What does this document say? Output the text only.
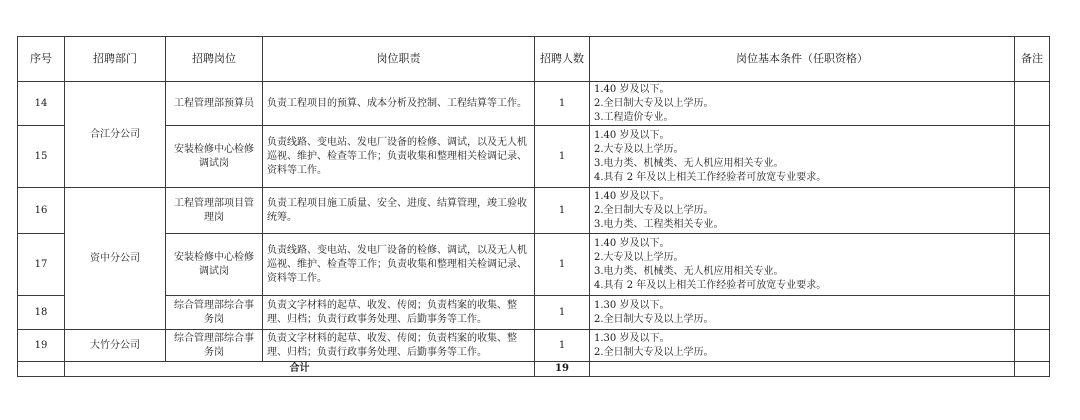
序号	招聘部门	招聘岗位	岗位职责	招聘人数	岗位基本条件（任职资格）	备注
14	合江分公司	工程管理部预算员	负责工程项目的预算、成本分析及控制、工程结算等工作。	1	1.40 岁及以下。
2.全日制大专及以上学历。
3.工程造价专业。	

15		安装检修中心检修调试岗	负责线路、变电站、发电厂设备的检修、调试，以及无人机巡视、维护、检查等工作；负责收集和整理相关检调记录、资料等工作。	1	1.40 岁及以下。
2.大专及以上学历。
3.电力类、机械类、无人机应用相关专业。
4.具有 2 年及以上相关工作经验者可放宽专业要求。	

16	资中分公司	工程管理部项目管理岗	负责工程项目施工质量、安全、进度、结算管理，竣工验收统筹。	1	1.40 岁及以下。
2.全日制大专及以上学历。
3.电力类、工程类相关专业。	

17		安装检修中心检修调试岗	负责线路、变电站、发电厂设备的检修、调试，以及无人机巡视、维护、检查等工作；负责收集和整理相关检调记录、资料等工作。	1	1.40 岁及以下。
2.大专及以上学历。
3.电力类、机械类、无人机应用相关专业。
4.具有 2 年及以上相关工作经验者可放宽专业要求。	

18		综合管理部综合事务岗	负责文字材料的起草、收发、传阅；负责档案的收集、整理、归档；负责行政事务处理、后勤事务等工作。	1	1.30 岁及以下。
2.全日制大专及以上学历。	

19	大竹分公司	综合管理部综合事务岗	负责文字材料的起草、收发、传阅；负责档案的收集、整理、归档；负责行政事务处理、后勤事务等工作。	1	1.30 岁及以下。
2.全日制大专及以上学历。	

	合计			19		
